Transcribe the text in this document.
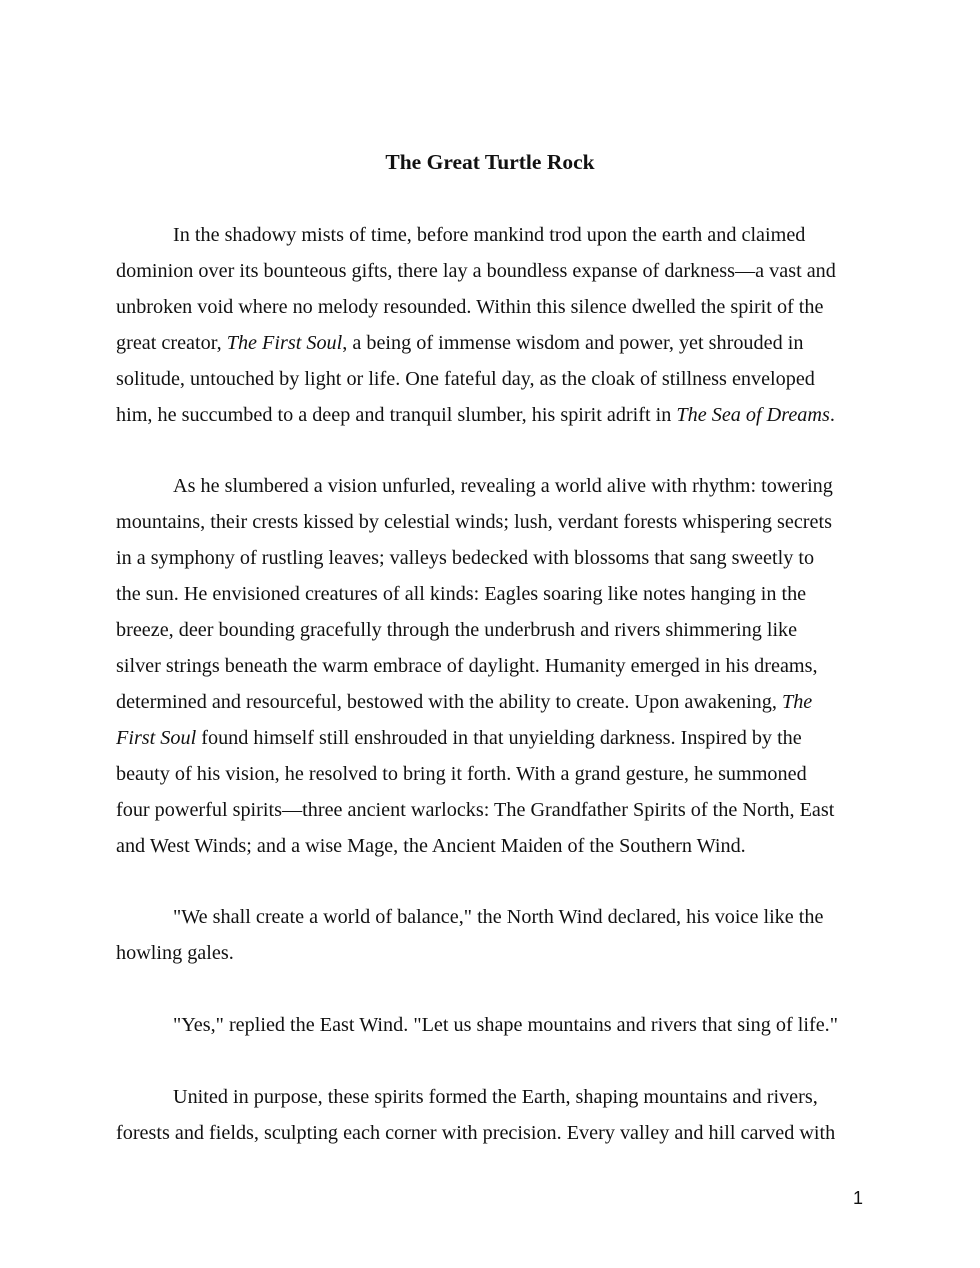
The Great Turtle Rock

In the shadowy mists of time, before mankind trod upon the earth and claimed
dominion over its bounteous gifts, there lay a boundless expanse of darkness—a vast and
unbroken void where no melody resounded. Within this silence dwelled the spirit of the
great creator, The First Soul, a being of immense wisdom and power, yet shrouded in
solitude, untouched by light or life. One fateful day, as the cloak of stillness enveloped
him, he succumbed to a deep and tranquil slumber, his spirit adrift in The Sea of Dreams.

As he slumbered a vision unfurled, revealing a world alive with rhythm: towering
mountains, their crests kissed by celestial winds; lush, verdant forests whispering secrets
in a symphony of rustling leaves; valleys bedecked with blossoms that sang sweetly to
the sun. He envisioned creatures of all kinds: Eagles soaring like notes hanging in the
breeze, deer bounding gracefully through the underbrush and rivers shimmering like
silver strings beneath the warm embrace of daylight. Humanity emerged in his dreams,
determined and resourceful, bestowed with the ability to create. Upon awakening, The
First Soul found himself still enshrouded in that unyielding darkness. Inspired by the
beauty of his vision, he resolved to bring it forth. With a grand gesture, he summoned
four powerful spirits—three ancient warlocks: The Grandfather Spirits of the North, East
and West Winds; and a wise Mage, the Ancient Maiden of the Southern Wind.

"We shall create a world of balance," the North Wind declared, his voice like the
howling gales.

"Yes," replied the East Wind. "Let us shape mountains and rivers that sing of life."

United in purpose, these spirits formed the Earth, shaping mountains and rivers,
forests and fields, sculpting each corner with precision. Every valley and hill carved with

1
